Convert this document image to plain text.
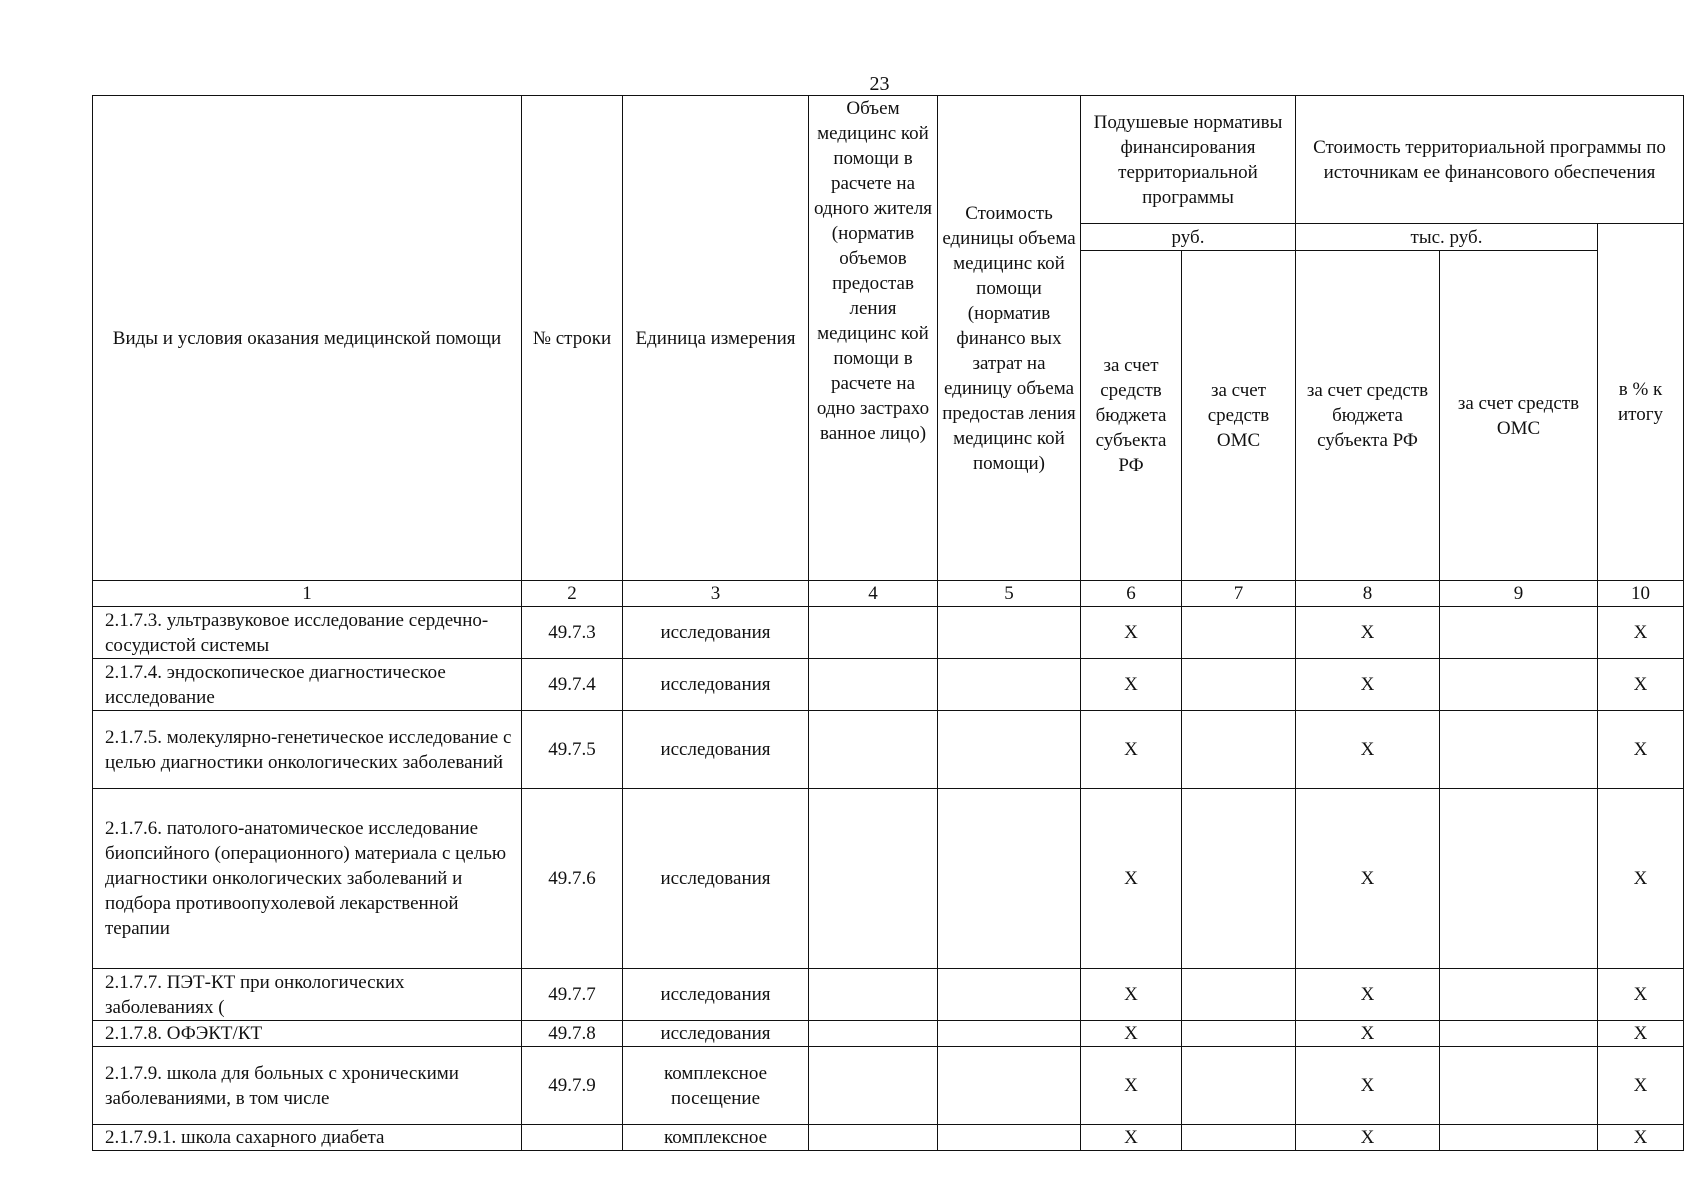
23
Виды и условия оказания медицинской помощи	№ строки	Единица измерения	Объем медицинс кой помощи в расчете на одного жителя (норматив объемов предостав ления медицинс кой помощи в расчете на одно застрахо ванное лицо)	Стоимость единицы объема медицинс кой помощи (норматив финансо вых затрат на единицу объема предостав ления медицинс кой помощи)	Подушевые нормативы финансирования территориальной программы		Стоимость территориальной программы по источникам ее финансового обеспечения		
					руб.		тыс. руб.		в % к итогу
					за счет средств бюджета субъекта РФ	за счет средств ОМС	за счет средств бюджета субъекта РФ	за счет средств ОМС	
1	2	3	4	5	6	7	8	9	10
2.1.7.3. ультразвуковое исследование сердечно-сосудистой системы	49.7.3	исследования			Х		Х		Х
2.1.7.4. эндоскопическое диагностическое исследование	49.7.4	исследования			Х		Х		Х
2.1.7.5. молекулярно-генетическое исследование с целью диагностики онкологических заболеваний	49.7.5	исследования			Х		Х		Х
2.1.7.6. патолого-анатомическое исследование биопсийного (операционного) материала с целью диагностики онкологических заболеваний и подбора противоопухолевой лекарственной терапии	49.7.6	исследования			Х		Х		Х
2.1.7.7. ПЭТ-КТ при онкологических заболеваниях (	49.7.7	исследования			Х		Х		Х
2.1.7.8. ОФЭКТ/КТ	49.7.8	исследования			Х		Х		Х
2.1.7.9. школа для больных с хроническими заболеваниями, в том числе	49.7.9	комплексное посещение			Х		Х		Х
2.1.7.9.1. школа сахарного диабета		комплексное			Х		Х		Х
